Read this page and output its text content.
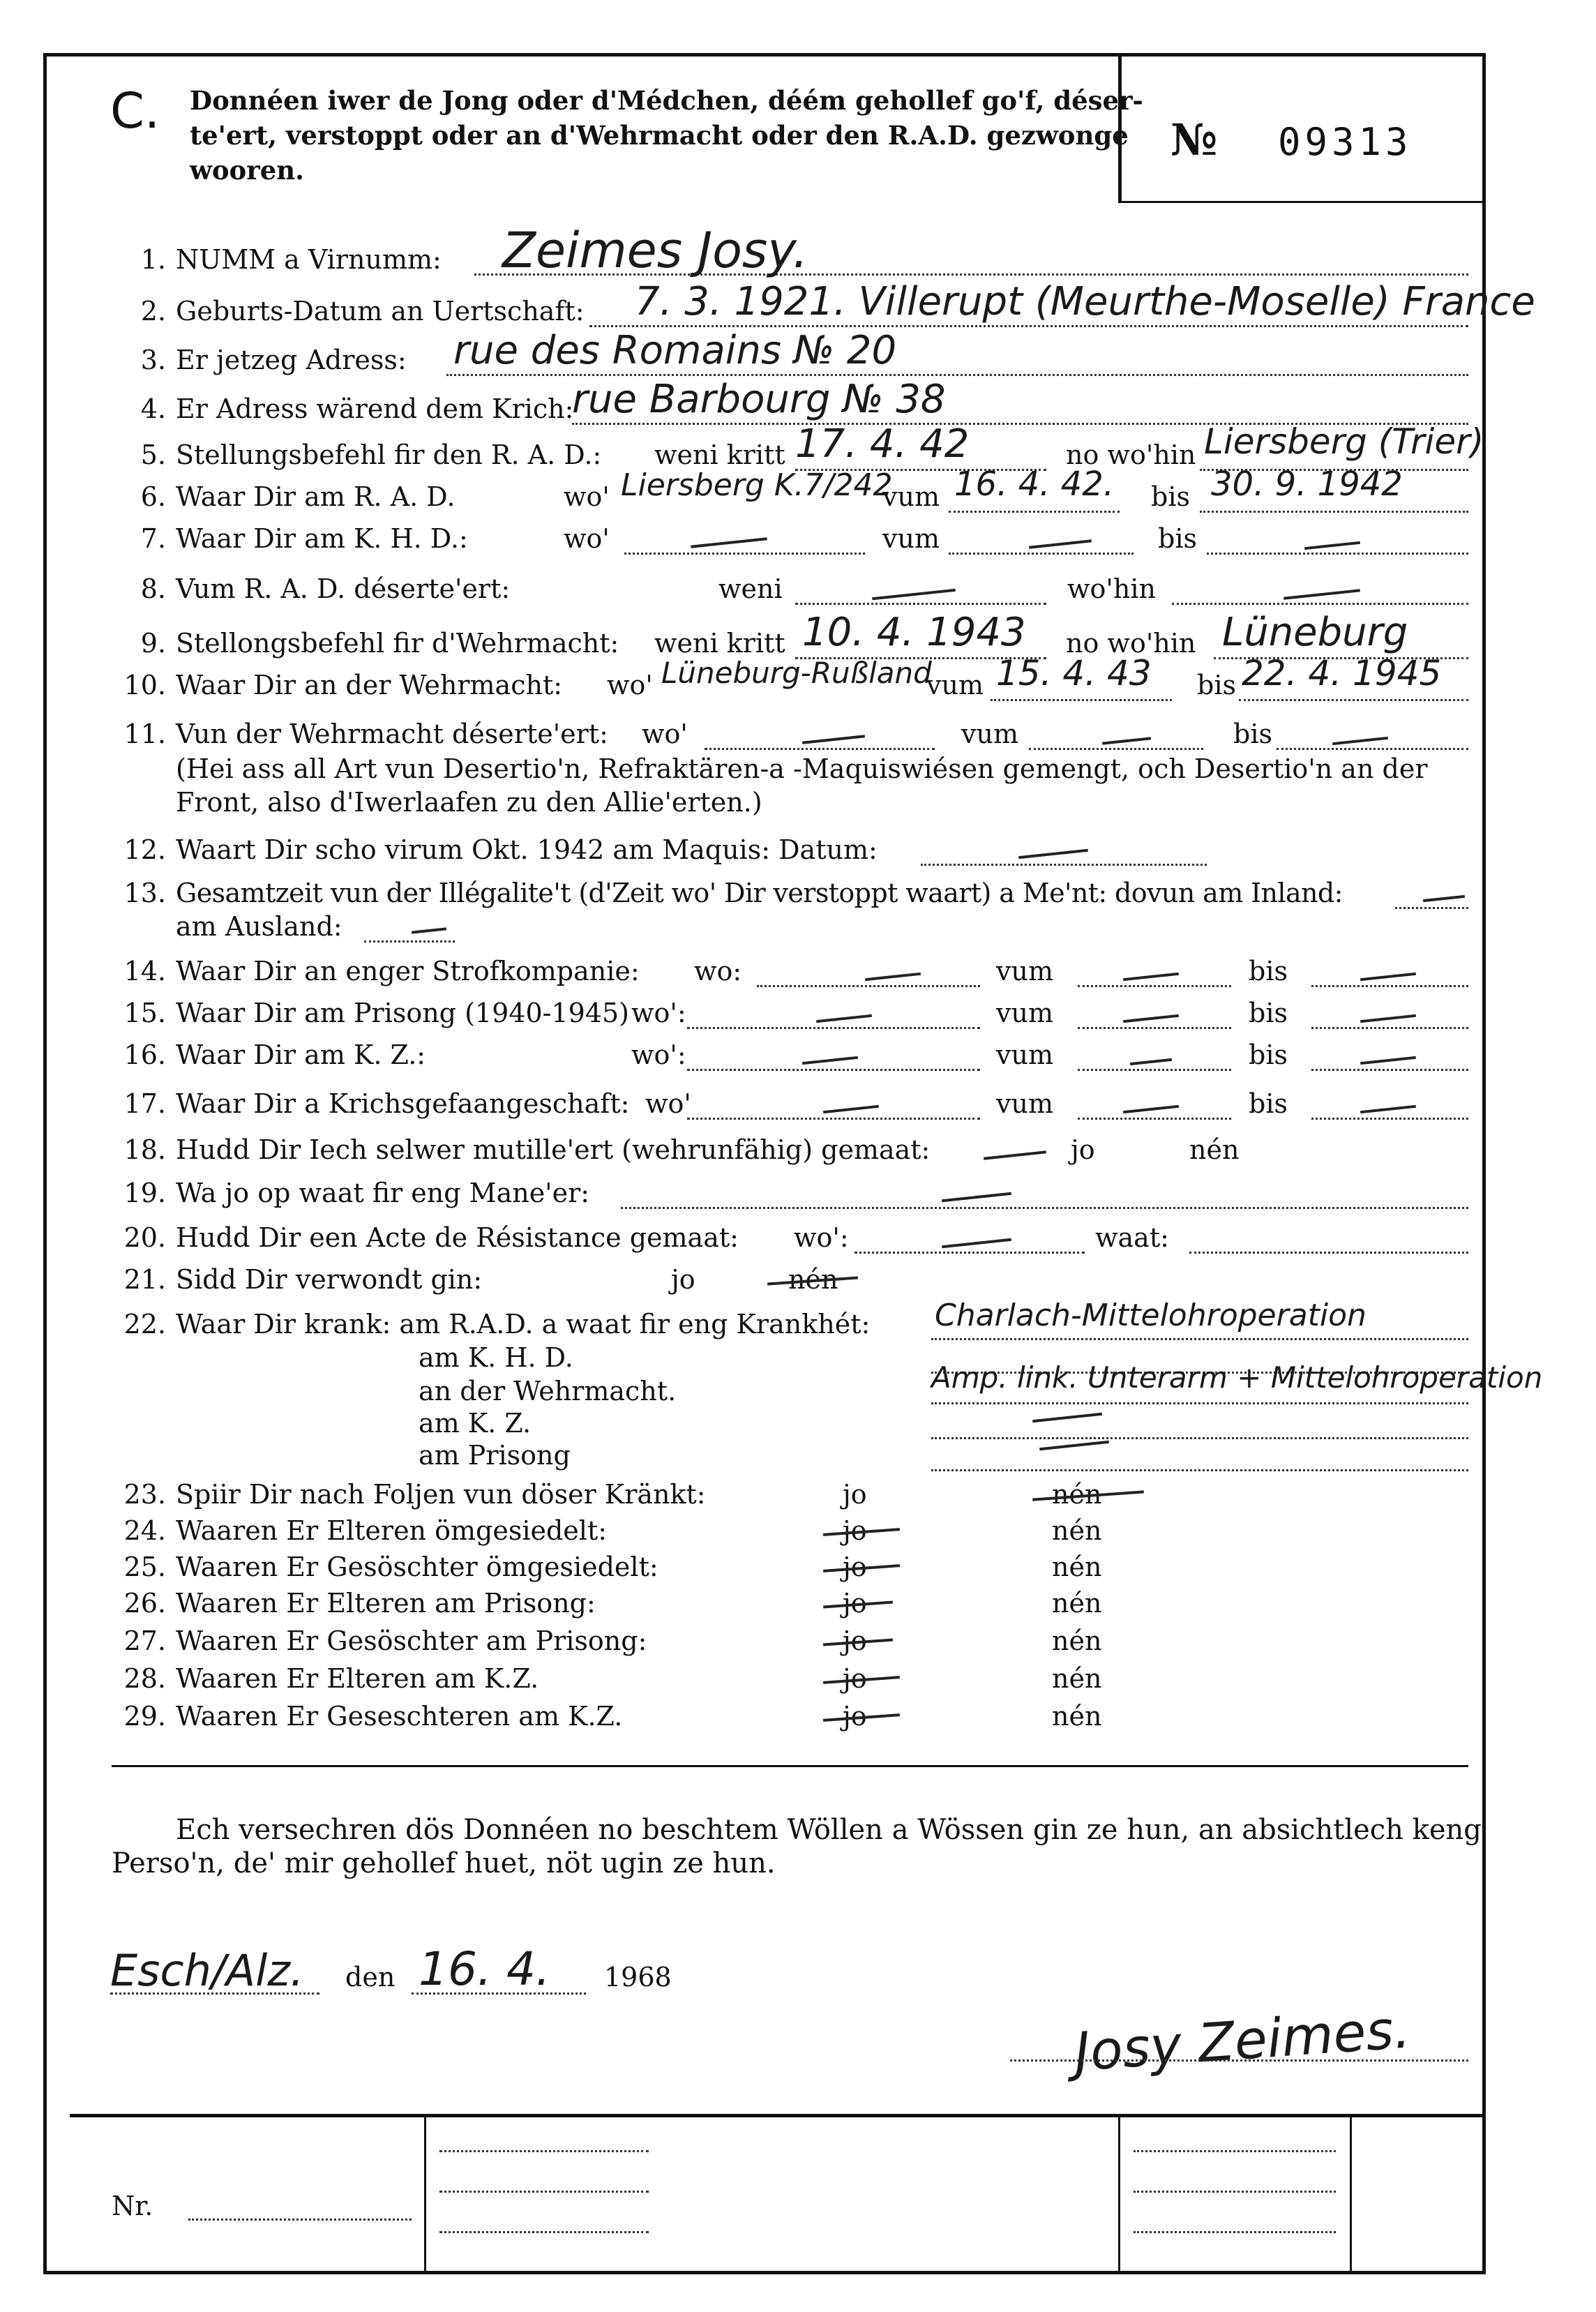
C. Donnéen iwer de Jong oder d'Médchen, déém gehollef go'f, déser-
te'ert, verstoppt oder an d'Wehrmacht oder den R.A.D. gezwonge
wooren.
№ 09313
1. NUMM a Virnumm: Zeimes Josy.
2. Geburts-Datum an Uertschaft: 7. 3. 1921. Villerupt (Meurthe-Moselle) France
3. Er jetzeg Adress: rue des Romains № 20
4. Er Adress wärend dem Krich:
rue Barbourg № 38
5. Stellungsbefehl fir den R. A. D.: weni kritt 17. 4. 42	no wo'hin Liersberg (Trier)
6. Waar Dir am R. A. D.	wo' Liersberg K.7/242
vum 16. 4. 42. bis 30. 9. 1942
7. Waar Dir am K. H. D.:	wo'	vum	bis
8. Vum R. A. D. déserte'ert:	weni	wo'hin
9. Stellongsbefehl fir d'Wehrmacht: weni kritt 10. 4. 1943 no wo'hin Lüneburg
10. Waar Dir an der Wehrmacht: wo' Lüneburg-Rußland
vum 15. 4. 43 bis 22. 4. 1945
11. Vun der Wehrmacht déserte'ert: wo'	vum	bis
(Hei ass all Art vun Desertio'n, Refraktären-a -Maquiswiésen gemengt, och Desertio'n an der
Front, also d'Iwerlaafen zu den Allie'erten.)
12. Waart Dir scho virum Okt. 1942 am Maquis: Datum:
13. Gesamtzeit vun der Illégalite't (d'Zeit wo' Dir verstoppt waart) a Me'nt: dovun am Inland:
am Ausland:
14. Waar Dir an enger Strofkompanie: wo:	vum	bis
15. Waar Dir am Prisong (1940-1945) wo':	vum	bis
16. Waar Dir am K. Z.:	wo':	vum	bis
17. Waar Dir a Krichsgefaangeschaft: wo'	vum	bis
18. Hudd Dir Iech selwer mutille'ert (wehrunfähig) gemaat:	jo	nén
19. Wa jo op waat fir eng Mane'er:
20. Hudd Dir een Acte de Résistance gemaat: wo':	waat:
21. Sidd Dir verwondt gin:	jo	nén
22. Waar Dir krank: am R.A.D. a waat fir eng Krankhét: Charlach-Mittelohroperation
am K. H. D.
an der Wehrmacht.	Amp. link. Unterarm + Mittelohroperation
am K. Z.
am Prisong
23. Spiir Dir nach Foljen vun döser Kränkt:	jo	nén
24. Waaren Er Elteren ömgesiedelt:	jo	nén
25. Waaren Er Gesöschter ömgesiedelt:	jo	nén
26. Waaren Er Elteren am Prisong:	jo	nén
27. Waaren Er Gesöschter am Prisong:	jo	nén
28. Waaren Er Elteren am K.Z.	jo	nén
29. Waaren Er Geseschteren am K.Z.	jo	nén
Ech versechren dös Donnéen no beschtem Wöllen a Wössen gin ze hun, an absichtlech keng
Perso'n, de' mir gehollef huet, nöt ugin ze hun.
Esch/Alz. den 16. 4. 1968
Josy Zeimes.
Nr.
